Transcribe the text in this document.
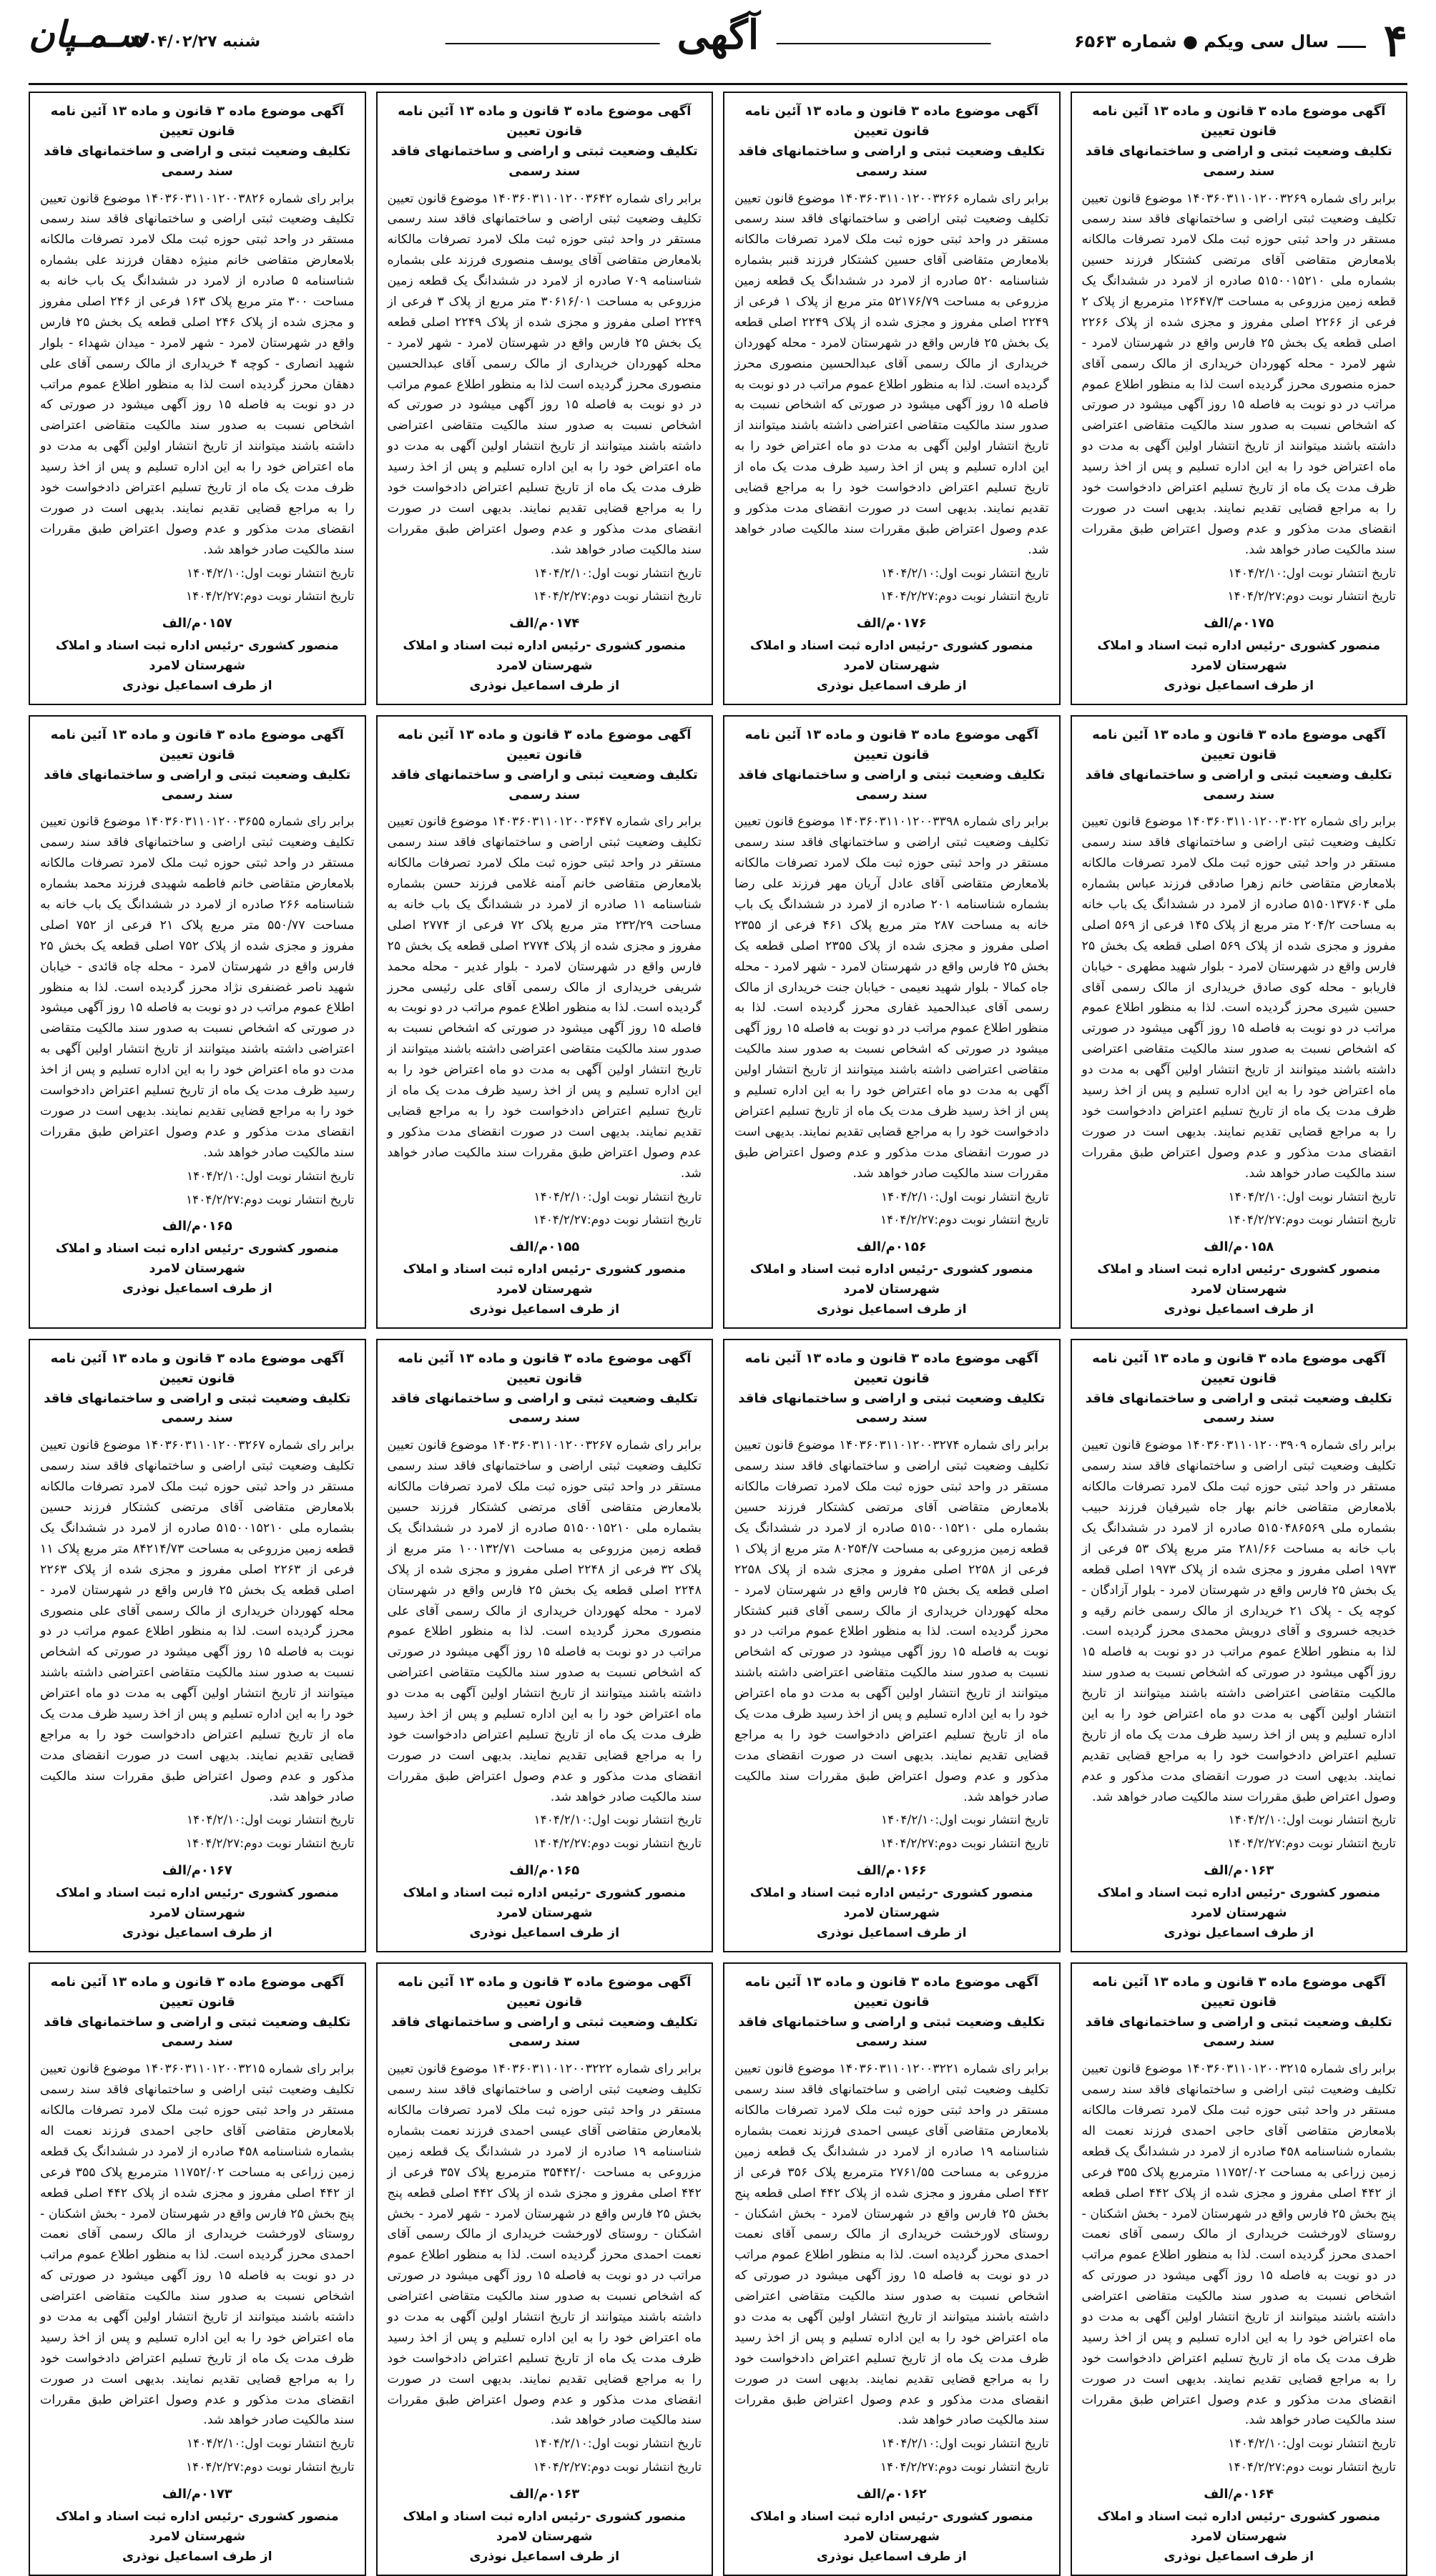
۴
سال سی ویکم ● شماره ۶۵۶۳
آگهی
شنبه ۱۴۰۴/۰۲/۲۷
سـمـپان
آگهی موضوع ماده ۳ قانون و ماده ۱۳ آئین نامه قانون تعیین
تکلیف وضعیت ثبتی و اراضی و ساختمانهای فاقد سند رسمی
برابر رای شماره ۱۴۰۳۶۰۳۱۱۰۱۲۰۰۳۲۶۹ موضوع قانون تعیین تکلیف وضعیت ثبتی اراضی و ساختمانهای فاقد سند رسمی مستقر در واحد ثبتی حوزه ثبت ملک لامرد تصرفات مالکانه بلامعارض متقاضی آقای مرتضی کشتکار فرزند حسین بشماره ملی ۵۱۵۰۰۱۵۲۱۰ صادره از لامرد در ششدانگ یک قطعه زمین مزروعی به مساحت ۱۲۶۴۷/۳ مترمربع از پلاک ۲ فرعی از ۲۲۶۶ اصلی مفروز و مجزی شده از پلاک ۲۲۶۶ اصلی قطعه یک بخش ۲۵ فارس واقع در شهرستان لامرد - شهر لامرد - محله کهوردان خریداری از مالک رسمی آقای حمزه منصوری محرز گردیده است لذا به منظور اطلاع عموم مراتب در دو نوبت به فاصله ۱۵ روز آگهی میشود در صورتی که اشخاص نسبت به صدور سند مالکیت متقاضی اعتراضی داشته باشند میتوانند از تاریخ انتشار اولین آگهی به مدت دو ماه اعتراض خود را به این اداره تسلیم و پس از اخذ رسید ظرف مدت یک ماه از تاریخ تسلیم اعتراض دادخواست خود را به مراجع قضایی تقدیم نمایند. بدیهی است در صورت انقضای مدت مذکور و عدم وصول اعتراض طبق مقررات سند مالکیت صادر خواهد شد.
تاریخ انتشار نوبت اول:۱۴۰۴/۲/۱۰
تاریخ انتشار نوبت دوم:۱۴۰۴/۲/۲۷
۰۱۷۵م/الف
منصور کشوری -رئیس اداره ثبت اسناد و املاک شهرستان لامرد
از طرف اسماعیل نوذری
آگهی موضوع ماده ۳ قانون و ماده ۱۳ آئین نامه قانون تعیین
تکلیف وضعیت ثبتی و اراضی و ساختمانهای فاقد سند رسمی
برابر رای شماره ۱۴۰۳۶۰۳۱۱۰۱۲۰۰۳۲۶۶ موضوع قانون تعیین تکلیف وضعیت ثبتی اراضی و ساختمانهای فاقد سند رسمی مستقر در واحد ثبتی حوزه ثبت ملک لامرد تصرفات مالکانه بلامعارض متقاضی آقای حسین کشتکار فرزند قنبر بشماره شناسنامه ۵۲۰ صادره از لامرد در ششدانگ یک قطعه زمین مزروعی به مساحت ۵۲۱۷۶/۷۹ متر مربع از پلاک ۱ فرعی از ۲۲۴۹ اصلی مفروز و مجزی شده از پلاک ۲۲۴۹ اصلی قطعه یک بخش ۲۵ فارس واقع در شهرستان لامرد - محله کهوردان خریداری از مالک رسمی آقای عبدالحسین منصوری محرز گردیده است. لذا به منظور اطلاع عموم مراتب در دو نوبت به فاصله ۱۵ روز آگهی میشود در صورتی که اشخاص نسبت به صدور سند مالکیت متقاضی اعتراضی داشته باشند میتوانند از تاریخ انتشار اولین آگهی به مدت دو ماه اعتراض خود را به این اداره تسلیم و پس از اخذ رسید ظرف مدت یک ماه از تاریخ تسلیم اعتراض دادخواست خود را به مراجع قضایی تقدیم نمایند. بدیهی است در صورت انقضای مدت مذکور و عدم وصول اعتراض طبق مقررات سند مالکیت صادر خواهد شد.
تاریخ انتشار نوبت اول:۱۴۰۴/۲/۱۰
تاریخ انتشار نوبت دوم:۱۴۰۴/۲/۲۷
۰۱۷۶م/الف
منصور کشوری -رئیس اداره ثبت اسناد و املاک شهرستان لامرد
از طرف اسماعیل نوذری
آگهی موضوع ماده ۳ قانون و ماده ۱۳ آئین نامه قانون تعیین
تکلیف وضعیت ثبتی و اراضی و ساختمانهای فاقد سند رسمی
برابر رای شماره ۱۴۰۳۶۰۳۱۱۰۱۲۰۰۳۶۴۲ موضوع قانون تعیین تکلیف وضعیت ثبتی اراضی و ساختمانهای فاقد سند رسمی مستقر در واحد ثبتی حوزه ثبت ملک لامرد تصرفات مالکانه بلامعارض متقاضی آقای یوسف منصوری فرزند علی بشماره شناسنامه ۷۰۹ صادره از لامرد در ششدانگ یک قطعه زمین مزروعی به مساحت ۳۰۶۱۶/۰۱ متر مربع از پلاک ۳ فرعی از ۲۲۴۹ اصلی مفروز و مجزی شده از پلاک ۲۲۴۹ اصلی قطعه یک بخش ۲۵ فارس واقع در شهرستان لامرد - شهر لامرد - محله کهوردان خریداری از مالک رسمی آقای عبدالحسین منصوری محرز گردیده است لذا به منظور اطلاع عموم مراتب در دو نوبت به فاصله ۱۵ روز آگهی میشود در صورتی که اشخاص نسبت به صدور سند مالکیت متقاضی اعتراضی داشته باشند میتوانند از تاریخ انتشار اولین آگهی به مدت دو ماه اعتراض خود را به این اداره تسلیم و پس از اخذ رسید ظرف مدت یک ماه از تاریخ تسلیم اعتراض دادخواست خود را به مراجع قضایی تقدیم نمایند. بدیهی است در صورت انقضای مدت مذکور و عدم وصول اعتراض طبق مقررات سند مالکیت صادر خواهد شد.
تاریخ انتشار نوبت اول:۱۴۰۴/۲/۱۰
تاریخ انتشار نوبت دوم:۱۴۰۴/۲/۲۷
۰۱۷۴م/الف
منصور کشوری -رئیس اداره ثبت اسناد و املاک شهرستان لامرد
از طرف اسماعیل نوذری
آگهی موضوع ماده ۳ قانون و ماده ۱۳ آئین نامه قانون تعیین
تکلیف وضعیت ثبتی و اراضی و ساختمانهای فاقد سند رسمی
برابر رای شماره ۱۴۰۳۶۰۳۱۱۰۱۲۰۰۳۸۲۶ موضوع قانون تعیین تکلیف وضعیت ثبتی اراضی و ساختمانهای فاقد سند رسمی مستقر در واحد ثبتی حوزه ثبت ملک لامرد تصرفات مالکانه بلامعارض متقاضی خانم منیژه دهقان فرزند علی بشماره شناسنامه ۵ صادره از لامرد در ششدانگ یک باب خانه به مساحت ۳۰۰ متر مربع پلاک ۱۶۳ فرعی از ۲۴۶ اصلی مفروز و مجزی شده از پلاک ۲۴۶ اصلی قطعه یک بخش ۲۵ فارس واقع در شهرستان لامرد - شهر لامرد - میدان شهداء - بلوار شهید انصاری - کوچه ۴ خریداری از مالک رسمی آقای علی دهقان محرز گردیده است لذا به منظور اطلاع عموم مراتب در دو نوبت به فاصله ۱۵ روز آگهی میشود در صورتی که اشخاص نسبت به صدور سند مالکیت متقاضی اعتراضی داشته باشند میتوانند از تاریخ انتشار اولین آگهی به مدت دو ماه اعتراض خود را به این اداره تسلیم و پس از اخذ رسید ظرف مدت یک ماه از تاریخ تسلیم اعتراض دادخواست خود را به مراجع قضایی تقدیم نمایند. بدیهی است در صورت انقضای مدت مذکور و عدم وصول اعتراض طبق مقررات سند مالکیت صادر خواهد شد.
تاریخ انتشار نوبت اول:۱۴۰۴/۲/۱۰
تاریخ انتشار نوبت دوم:۱۴۰۴/۲/۲۷
۰۱۵۷م/الف
منصور کشوری -رئیس اداره ثبت اسناد و املاک شهرستان لامرد
از طرف اسماعیل نوذری
آگهی موضوع ماده ۳ قانون و ماده ۱۳ آئین نامه قانون تعیین
تکلیف وضعیت ثبتی و اراضی و ساختمانهای فاقد سند رسمی
برابر رای شماره ۱۴۰۳۶۰۳۱۱۰۱۲۰۰۳۰۲۲ موضوع قانون تعیین تکلیف وضعیت ثبتی اراضی و ساختمانهای فاقد سند رسمی مستقر در واحد ثبتی حوزه ثبت ملک لامرد تصرفات مالکانه بلامعارض متقاضی خانم زهرا صادقی فرزند عباس بشماره ملی ۵۱۵۰۱۳۷۶۰۴ صادره از لامرد در ششدانگ یک باب خانه به مساحت ۲۰۴/۲ متر مربع از پلاک ۱۴۵ فرعی از ۵۶۹ اصلی مفروز و مجزی شده از پلاک ۵۶۹ اصلی قطعه یک بخش ۲۵ فارس واقع در شهرستان لامرد - بلوار شهید مطهری - خیابان فاریابو - محله کوی صادق خریداری از مالک رسمی آقای حسین شیری محرز گردیده است. لذا به منظور اطلاع عموم مراتب در دو نوبت به فاصله ۱۵ روز آگهی میشود در صورتی که اشخاص نسبت به صدور سند مالکیت متقاضی اعتراضی داشته باشند میتوانند از تاریخ انتشار اولین آگهی به مدت دو ماه اعتراض خود را به این اداره تسلیم و پس از اخذ رسید ظرف مدت یک ماه از تاریخ تسلیم اعتراض دادخواست خود را به مراجع قضایی تقدیم نمایند. بدیهی است در صورت انقضای مدت مذکور و عدم وصول اعتراض طبق مقررات سند مالکیت صادر خواهد شد.
تاریخ انتشار نوبت اول:۱۴۰۴/۲/۱۰
تاریخ انتشار نوبت دوم:۱۴۰۴/۲/۲۷
۰۱۵۸م/الف
منصور کشوری -رئیس اداره ثبت اسناد و املاک شهرستان لامرد
از طرف اسماعیل نوذری
آگهی موضوع ماده ۳ قانون و ماده ۱۳ آئین نامه قانون تعیین
تکلیف وضعیت ثبتی و اراضی و ساختمانهای فاقد سند رسمی
برابر رای شماره ۱۴۰۳۶۰۳۱۱۰۱۲۰۰۳۳۹۸ موضوع قانون تعیین تکلیف وضعیت ثبتی اراضی و ساختمانهای فاقد سند رسمی مستقر در واحد ثبتی حوزه ثبت ملک لامرد تصرفات مالکانه بلامعارض متقاضی آقای عادل آریان مهر فرزند علی رضا بشماره شناسنامه ۲۰۱ صادره از لامرد در ششدانگ یک باب خانه به مساحت ۲۸۷ متر مربع پلاک ۴۶۱ فرعی از ۲۳۵۵ اصلی مفروز و مجزی شده از پلاک ۲۳۵۵ اصلی قطعه یک بخش ۲۵ فارس واقع در شهرستان لامرد - شهر لامرد - محله جاه کمالا - بلوار شهید نعیمی - خیابان جنت خریداری از مالک رسمی آقای عبدالحمید غفاری محرز گردیده است. لذا به منظور اطلاع عموم مراتب در دو نوبت به فاصله ۱۵ روز آگهی میشود در صورتی که اشخاص نسبت به صدور سند مالکیت متقاضی اعتراضی داشته باشند میتوانند از تاریخ انتشار اولین آگهی به مدت دو ماه اعتراض خود را به این اداره تسلیم و پس از اخذ رسید ظرف مدت یک ماه از تاریخ تسلیم اعتراض دادخواست خود را به مراجع قضایی تقدیم نمایند. بدیهی است در صورت انقضای مدت مذکور و عدم وصول اعتراض طبق مقررات سند مالکیت صادر خواهد شد.
تاریخ انتشار نوبت اول:۱۴۰۴/۲/۱۰
تاریخ انتشار نوبت دوم:۱۴۰۴/۲/۲۷
۰۱۵۶م/الف
منصور کشوری -رئیس اداره ثبت اسناد و املاک شهرستان لامرد
از طرف اسماعیل نوذری
آگهی موضوع ماده ۳ قانون و ماده ۱۳ آئین نامه قانون تعیین
تکلیف وضعیت ثبتی و اراضی و ساختمانهای فاقد سند رسمی
برابر رای شماره ۱۴۰۳۶۰۳۱۱۰۱۲۰۰۳۶۴۷ موضوع قانون تعیین تکلیف وضعیت ثبتی اراضی و ساختمانهای فاقد سند رسمی مستقر در واحد ثبتی حوزه ثبت ملک لامرد تصرفات مالکانه بلامعارض متقاضی خانم آمنه غلامی فرزند حسن بشماره شناسنامه ۱۱ صادره از لامرد در ششدانگ یک باب خانه به مساحت ۲۳۲/۲۹ متر مربع پلاک ۷۲ فرعی از ۲۷۷۴ اصلی مفروز و مجزی شده از پلاک ۲۷۷۴ اصلی قطعه یک بخش ۲۵ فارس واقع در شهرستان لامرد - بلوار غدیر - محله محمد شریفی خریداری از مالک رسمی آقای علی رئیسی محرز گردیده است. لذا به منظور اطلاع عموم مراتب در دو نوبت به فاصله ۱۵ روز آگهی میشود در صورتی که اشخاص نسبت به صدور سند مالکیت متقاضی اعتراضی داشته باشند میتوانند از تاریخ انتشار اولین آگهی به مدت دو ماه اعتراض خود را به این اداره تسلیم و پس از اخذ رسید ظرف مدت یک ماه از تاریخ تسلیم اعتراض دادخواست خود را به مراجع قضایی تقدیم نمایند. بدیهی است در صورت انقضای مدت مذکور و عدم وصول اعتراض طبق مقررات سند مالکیت صادر خواهد شد.
تاریخ انتشار نوبت اول:۱۴۰۴/۲/۱۰
تاریخ انتشار نوبت دوم:۱۴۰۴/۲/۲۷
۰۱۵۵م/الف
منصور کشوری -رئیس اداره ثبت اسناد و املاک شهرستان لامرد
از طرف اسماعیل نوذری
آگهی موضوع ماده ۳ قانون و ماده ۱۳ آئین نامه قانون تعیین
تکلیف وضعیت ثبتی و اراضی و ساختمانهای فاقد سند رسمی
برابر رای شماره ۱۴۰۳۶۰۳۱۱۰۱۲۰۰۳۶۵۵ موضوع قانون تعیین تکلیف وضعیت ثبتی اراضی و ساختمانهای فاقد سند رسمی مستقر در واحد ثبتی حوزه ثبت ملک لامرد تصرفات مالکانه بلامعارض متقاضی خانم فاطمه شهیدی فرزند محمد بشماره شناسنامه ۲۶۶ صادره از لامرد در ششدانگ یک باب خانه به مساحت ۵۵۰/۷۷ متر مربع پلاک ۲۱ فرعی از ۷۵۲ اصلی مفروز و مجزی شده از پلاک ۷۵۲ اصلی قطعه یک بخش ۲۵ فارس واقع در شهرستان لامرد - محله چاه قائدی - خیابان شهید ناصر غضنفری نژاد محرز گردیده است. لذا به منظور اطلاع عموم مراتب در دو نوبت به فاصله ۱۵ روز آگهی میشود در صورتی که اشخاص نسبت به صدور سند مالکیت متقاضی اعتراضی داشته باشند میتوانند از تاریخ انتشار اولین آگهی به مدت دو ماه اعتراض خود را به این اداره تسلیم و پس از اخذ رسید ظرف مدت یک ماه از تاریخ تسلیم اعتراض دادخواست خود را به مراجع قضایی تقدیم نمایند. بدیهی است در صورت انقضای مدت مذکور و عدم وصول اعتراض طبق مقررات سند مالکیت صادر خواهد شد.
تاریخ انتشار نوبت اول:۱۴۰۴/۲/۱۰
تاریخ انتشار نوبت دوم:۱۴۰۴/۲/۲۷
۰۱۶۵م/الف
منصور کشوری -رئیس اداره ثبت اسناد و املاک شهرستان لامرد
از طرف اسماعیل نوذری
آگهی موضوع ماده ۳ قانون و ماده ۱۳ آئین نامه قانون تعیین
تکلیف وضعیت ثبتی و اراضی و ساختمانهای فاقد سند رسمی
برابر رای شماره ۱۴۰۳۶۰۳۱۱۰۱۲۰۰۳۹۰۹ موضوع قانون تعیین تکلیف وضعیت ثبتی اراضی و ساختمانهای فاقد سند رسمی مستقر در واحد ثبتی حوزه ثبت ملک لامرد تصرفات مالکانه بلامعارض متقاضی خانم بهار جاه شیرفیان فرزند حبیب بشماره ملی ۵۱۵۰۴۸۶۵۶۹ صادره از لامرد در ششدانگ یک باب خانه به مساحت ۲۸۱/۶۶ متر مربع پلاک ۵۳ فرعی از ۱۹۷۳ اصلی مفروز و مجزی شده از پلاک ۱۹۷۳ اصلی قطعه یک بخش ۲۵ فارس واقع در شهرستان لامرد - بلوار آزادگان - کوچه یک - پلاک ۲۱ خریداری از مالک رسمی خانم رقیه و خدیجه خسروی و آقای درویش محمدی محرز گردیده است. لذا به منظور اطلاع عموم مراتب در دو نوبت به فاصله ۱۵ روز آگهی میشود در صورتی که اشخاص نسبت به صدور سند مالکیت متقاضی اعتراضی داشته باشند میتوانند از تاریخ انتشار اولین آگهی به مدت دو ماه اعتراض خود را به این اداره تسلیم و پس از اخذ رسید ظرف مدت یک ماه از تاریخ تسلیم اعتراض دادخواست خود را به مراجع قضایی تقدیم نمایند. بدیهی است در صورت انقضای مدت مذکور و عدم وصول اعتراض طبق مقررات سند مالکیت صادر خواهد شد.
تاریخ انتشار نوبت اول:۱۴۰۴/۲/۱۰
تاریخ انتشار نوبت دوم:۱۴۰۴/۲/۲۷
۰۱۶۳م/الف
منصور کشوری -رئیس اداره ثبت اسناد و املاک شهرستان لامرد
از طرف اسماعیل نوذری
آگهی موضوع ماده ۳ قانون و ماده ۱۳ آئین نامه قانون تعیین
تکلیف وضعیت ثبتی و اراضی و ساختمانهای فاقد سند رسمی
برابر رای شماره ۱۴۰۳۶۰۳۱۱۰۱۲۰۰۳۲۷۴ موضوع قانون تعیین تکلیف وضعیت ثبتی اراضی و ساختمانهای فاقد سند رسمی مستقر در واحد ثبتی حوزه ثبت ملک لامرد تصرفات مالکانه بلامعارض متقاضی آقای مرتضی کشتکار فرزند حسین بشماره ملی ۵۱۵۰۰۱۵۲۱۰ صادره از لامرد در ششدانگ یک قطعه زمین مزروعی به مساحت ۸۰۲۵۴/۷ متر مربع از پلاک ۱ فرعی از ۲۲۵۸ اصلی مفروز و مجزی شده از پلاک ۲۲۵۸ اصلی قطعه یک بخش ۲۵ فارس واقع در شهرستان لامرد - محله کهوردان خریداری از مالک رسمی آقای قنبر کشتکار محرز گردیده است. لذا به منظور اطلاع عموم مراتب در دو نوبت به فاصله ۱۵ روز آگهی میشود در صورتی که اشخاص نسبت به صدور سند مالکیت متقاضی اعتراضی داشته باشند میتوانند از تاریخ انتشار اولین آگهی به مدت دو ماه اعتراض خود را به این اداره تسلیم و پس از اخذ رسید ظرف مدت یک ماه از تاریخ تسلیم اعتراض دادخواست خود را به مراجع قضایی تقدیم نمایند. بدیهی است در صورت انقضای مدت مذکور و عدم وصول اعتراض طبق مقررات سند مالکیت صادر خواهد شد.
تاریخ انتشار نوبت اول:۱۴۰۴/۲/۱۰
تاریخ انتشار نوبت دوم:۱۴۰۴/۲/۲۷
۰۱۶۶م/الف
منصور کشوری -رئیس اداره ثبت اسناد و املاک شهرستان لامرد
از طرف اسماعیل نوذری
آگهی موضوع ماده ۳ قانون و ماده ۱۳ آئین نامه قانون تعیین
تکلیف وضعیت ثبتی و اراضی و ساختمانهای فاقد سند رسمی
برابر رای شماره ۱۴۰۳۶۰۳۱۱۰۱۲۰۰۳۲۶۷ موضوع قانون تعیین تکلیف وضعیت ثبتی اراضی و ساختمانهای فاقد سند رسمی مستقر در واحد ثبتی حوزه ثبت ملک لامرد تصرفات مالکانه بلامعارض متقاضی آقای مرتضی کشتکار فرزند حسین بشماره ملی ۵۱۵۰۰۱۵۲۱۰ صادره از لامرد در ششدانگ یک قطعه زمین مزروعی به مساحت ۱۰۰۱۳۲/۷۱ متر مربع از پلاک ۳۲ فرعی از ۲۲۴۸ اصلی مفروز و مجزی شده از پلاک ۲۲۴۸ اصلی قطعه یک بخش ۲۵ فارس واقع در شهرستان لامرد - محله کهوردان خریداری از مالک رسمی آقای علی منصوری محرز گردیده است. لذا به منظور اطلاع عموم مراتب در دو نوبت به فاصله ۱۵ روز آگهی میشود در صورتی که اشخاص نسبت به صدور سند مالکیت متقاضی اعتراضی داشته باشند میتوانند از تاریخ انتشار اولین آگهی به مدت دو ماه اعتراض خود را به این اداره تسلیم و پس از اخذ رسید ظرف مدت یک ماه از تاریخ تسلیم اعتراض دادخواست خود را به مراجع قضایی تقدیم نمایند. بدیهی است در صورت انقضای مدت مذکور و عدم وصول اعتراض طبق مقررات سند مالکیت صادر خواهد شد.
تاریخ انتشار نوبت اول:۱۴۰۴/۲/۱۰
تاریخ انتشار نوبت دوم:۱۴۰۴/۲/۲۷
۰۱۶۵م/الف
منصور کشوری -رئیس اداره ثبت اسناد و املاک شهرستان لامرد
از طرف اسماعیل نوذری
آگهی موضوع ماده ۳ قانون و ماده ۱۳ آئین نامه قانون تعیین
تکلیف وضعیت ثبتی و اراضی و ساختمانهای فاقد سند رسمی
برابر رای شماره ۱۴۰۳۶۰۳۱۱۰۱۲۰۰۳۲۶۷ موضوع قانون تعیین تکلیف وضعیت ثبتی اراضی و ساختمانهای فاقد سند رسمی مستقر در واحد ثبتی حوزه ثبت ملک لامرد تصرفات مالکانه بلامعارض متقاضی آقای مرتضی کشتکار فرزند حسین بشماره ملی ۵۱۵۰۰۱۵۲۱۰ صادره از لامرد در ششدانگ یک قطعه زمین مزروعی به مساحت ۸۴۲۱۴/۷۳ متر مربع پلاک ۱۱ فرعی از ۲۲۶۳ اصلی مفروز و مجزی شده از پلاک ۲۲۶۳ اصلی قطعه یک بخش ۲۵ فارس واقع در شهرستان لامرد - محله کهوردان خریداری از مالک رسمی آقای علی منصوری محرز گردیده است. لذا به منظور اطلاع عموم مراتب در دو نوبت به فاصله ۱۵ روز آگهی میشود در صورتی که اشخاص نسبت به صدور سند مالکیت متقاضی اعتراضی داشته باشند میتوانند از تاریخ انتشار اولین آگهی به مدت دو ماه اعتراض خود را به این اداره تسلیم و پس از اخذ رسید ظرف مدت یک ماه از تاریخ تسلیم اعتراض دادخواست خود را به مراجع قضایی تقدیم نمایند. بدیهی است در صورت انقضای مدت مذکور و عدم وصول اعتراض طبق مقررات سند مالکیت صادر خواهد شد.
تاریخ انتشار نوبت اول:۱۴۰۴/۲/۱۰
تاریخ انتشار نوبت دوم:۱۴۰۴/۲/۲۷
۰۱۶۷م/الف
منصور کشوری -رئیس اداره ثبت اسناد و املاک شهرستان لامرد
از طرف اسماعیل نوذری
آگهی موضوع ماده ۳ قانون و ماده ۱۳ آئین نامه قانون تعیین
تکلیف وضعیت ثبتی و اراضی و ساختمانهای فاقد سند رسمی
برابر رای شماره ۱۴۰۳۶۰۳۱۱۰۱۲۰۰۳۲۱۵ موضوع قانون تعیین تکلیف وضعیت ثبتی اراضی و ساختمانهای فاقد سند رسمی مستقر در واحد ثبتی حوزه ثبت ملک لامرد تصرفات مالکانه بلامعارض متقاضی آقای حاجی احمدی فرزند نعمت اله بشماره شناسنامه ۴۵۸ صادره از لامرد در ششدانگ یک قطعه زمین زراعی به مساحت ۱۱۷۵۲/۰۲ مترمربع پلاک ۳۵۵ فرعی از ۴۴۲ اصلی مفروز و مجزی شده از پلاک ۴۴۲ اصلی قطعه پنج بخش ۲۵ فارس واقع در شهرستان لامرد - بخش اشکنان - روستای لاورخشت خریداری از مالک رسمی آقای نعمت احمدی محرز گردیده است. لذا به منظور اطلاع عموم مراتب در دو نوبت به فاصله ۱۵ روز آگهی میشود در صورتی که اشخاص نسبت به صدور سند مالکیت متقاضی اعتراضی داشته باشند میتوانند از تاریخ انتشار اولین آگهی به مدت دو ماه اعتراض خود را به این اداره تسلیم و پس از اخذ رسید ظرف مدت یک ماه از تاریخ تسلیم اعتراض دادخواست خود را به مراجع قضایی تقدیم نمایند. بدیهی است در صورت انقضای مدت مذکور و عدم وصول اعتراض طبق مقررات سند مالکیت صادر خواهد شد.
تاریخ انتشار نوبت اول:۱۴۰۴/۲/۱۰
تاریخ انتشار نوبت دوم:۱۴۰۴/۲/۲۷
۰۱۶۴م/الف
منصور کشوری -رئیس اداره ثبت اسناد و املاک شهرستان لامرد
از طرف اسماعیل نوذری
آگهی موضوع ماده ۳ قانون و ماده ۱۳ آئین نامه قانون تعیین
تکلیف وضعیت ثبتی و اراضی و ساختمانهای فاقد سند رسمی
برابر رای شماره ۱۴۰۳۶۰۳۱۱۰۱۲۰۰۳۲۲۱ موضوع قانون تعیین تکلیف وضعیت ثبتی اراضی و ساختمانهای فاقد سند رسمی مستقر در واحد ثبتی حوزه ثبت ملک لامرد تصرفات مالکانه بلامعارض متقاضی آقای عیسی احمدی فرزند نعمت بشماره شناسنامه ۱۹ صادره از لامرد در ششدانگ یک قطعه زمین مزروعی به مساحت ۲۷۶۱/۵۵ مترمربع پلاک ۳۵۶ فرعی از ۴۴۲ اصلی مفروز و مجزی شده از پلاک ۴۴۲ اصلی قطعه پنج بخش ۲۵ فارس واقع در شهرستان لامرد - بخش اشکنان - روستای لاورخشت خریداری از مالک رسمی آقای نعمت احمدی محرز گردیده است. لذا به منظور اطلاع عموم مراتب در دو نوبت به فاصله ۱۵ روز آگهی میشود در صورتی که اشخاص نسبت به صدور سند مالکیت متقاضی اعتراضی داشته باشند میتوانند از تاریخ انتشار اولین آگهی به مدت دو ماه اعتراض خود را به این اداره تسلیم و پس از اخذ رسید ظرف مدت یک ماه از تاریخ تسلیم اعتراض دادخواست خود را به مراجع قضایی تقدیم نمایند. بدیهی است در صورت انقضای مدت مذکور و عدم وصول اعتراض طبق مقررات سند مالکیت صادر خواهد شد.
تاریخ انتشار نوبت اول:۱۴۰۴/۲/۱۰
تاریخ انتشار نوبت دوم:۱۴۰۴/۲/۲۷
۰۱۶۲م/الف
منصور کشوری -رئیس اداره ثبت اسناد و املاک شهرستان لامرد
از طرف اسماعیل نوذری
آگهی موضوع ماده ۳ قانون و ماده ۱۳ آئین نامه قانون تعیین
تکلیف وضعیت ثبتی و اراضی و ساختمانهای فاقد سند رسمی
برابر رای شماره ۱۴۰۳۶۰۳۱۱۰۱۲۰۰۳۲۲۲ موضوع قانون تعیین تکلیف وضعیت ثبتی اراضی و ساختمانهای فاقد سند رسمی مستقر در واحد ثبتی حوزه ثبت ملک لامرد تصرفات مالکانه بلامعارض متقاضی آقای عیسی احمدی فرزند نعمت بشماره شناسنامه ۱۹ صادره از لامرد در ششدانگ یک قطعه زمین مزروعی به مساحت ۳۵۴۴۲/۰ مترمربع پلاک ۳۵۷ فرعی از ۴۴۲ اصلی مفروز و مجزی شده از پلاک ۴۴۲ اصلی قطعه پنج بخش ۲۵ فارس واقع در شهرستان لامرد - شهر لامرد - بخش اشکنان - روستای لاورخشت خریداری از مالک رسمی آقای نعمت احمدی محرز گردیده است. لذا به منظور اطلاع عموم مراتب در دو نوبت به فاصله ۱۵ روز آگهی میشود در صورتی که اشخاص نسبت به صدور سند مالکیت متقاضی اعتراضی داشته باشند میتوانند از تاریخ انتشار اولین آگهی به مدت دو ماه اعتراض خود را به این اداره تسلیم و پس از اخذ رسید ظرف مدت یک ماه از تاریخ تسلیم اعتراض دادخواست خود را به مراجع قضایی تقدیم نمایند. بدیهی است در صورت انقضای مدت مذکور و عدم وصول اعتراض طبق مقررات سند مالکیت صادر خواهد شد.
تاریخ انتشار نوبت اول:۱۴۰۴/۲/۱۰
تاریخ انتشار نوبت دوم:۱۴۰۴/۲/۲۷
۰۱۶۳م/الف
منصور کشوری -رئیس اداره ثبت اسناد و املاک شهرستان لامرد
از طرف اسماعیل نوذری
آگهی موضوع ماده ۳ قانون و ماده ۱۳ آئین نامه قانون تعیین
تکلیف وضعیت ثبتی و اراضی و ساختمانهای فاقد سند رسمی
برابر رای شماره ۱۴۰۳۶۰۳۱۱۰۱۲۰۰۳۲۱۵ موضوع قانون تعیین تکلیف وضعیت ثبتی اراضی و ساختمانهای فاقد سند رسمی مستقر در واحد ثبتی حوزه ثبت ملک لامرد تصرفات مالکانه بلامعارض متقاضی آقای حاجی احمدی فرزند نعمت اله بشماره شناسنامه ۴۵۸ صادره از لامرد در ششدانگ یک قطعه زمین زراعی به مساحت ۱۱۷۵۲/۰۲ مترمربع پلاک ۳۵۵ فرعی از ۴۴۲ اصلی مفروز و مجزی شده از پلاک ۴۴۲ اصلی قطعه پنج بخش ۲۵ فارس واقع در شهرستان لامرد - بخش اشکنان - روستای لاورخشت خریداری از مالک رسمی آقای نعمت احمدی محرز گردیده است. لذا به منظور اطلاع عموم مراتب در دو نوبت به فاصله ۱۵ روز آگهی میشود در صورتی که اشخاص نسبت به صدور سند مالکیت متقاضی اعتراضی داشته باشند میتوانند از تاریخ انتشار اولین آگهی به مدت دو ماه اعتراض خود را به این اداره تسلیم و پس از اخذ رسید ظرف مدت یک ماه از تاریخ تسلیم اعتراض دادخواست خود را به مراجع قضایی تقدیم نمایند. بدیهی است در صورت انقضای مدت مذکور و عدم وصول اعتراض طبق مقررات سند مالکیت صادر خواهد شد.
تاریخ انتشار نوبت اول:۱۴۰۴/۲/۱۰
تاریخ انتشار نوبت دوم:۱۴۰۴/۲/۲۷
۰۱۷۳م/الف
منصور کشوری -رئیس اداره ثبت اسناد و املاک شهرستان لامرد
از طرف اسماعیل نوذری
